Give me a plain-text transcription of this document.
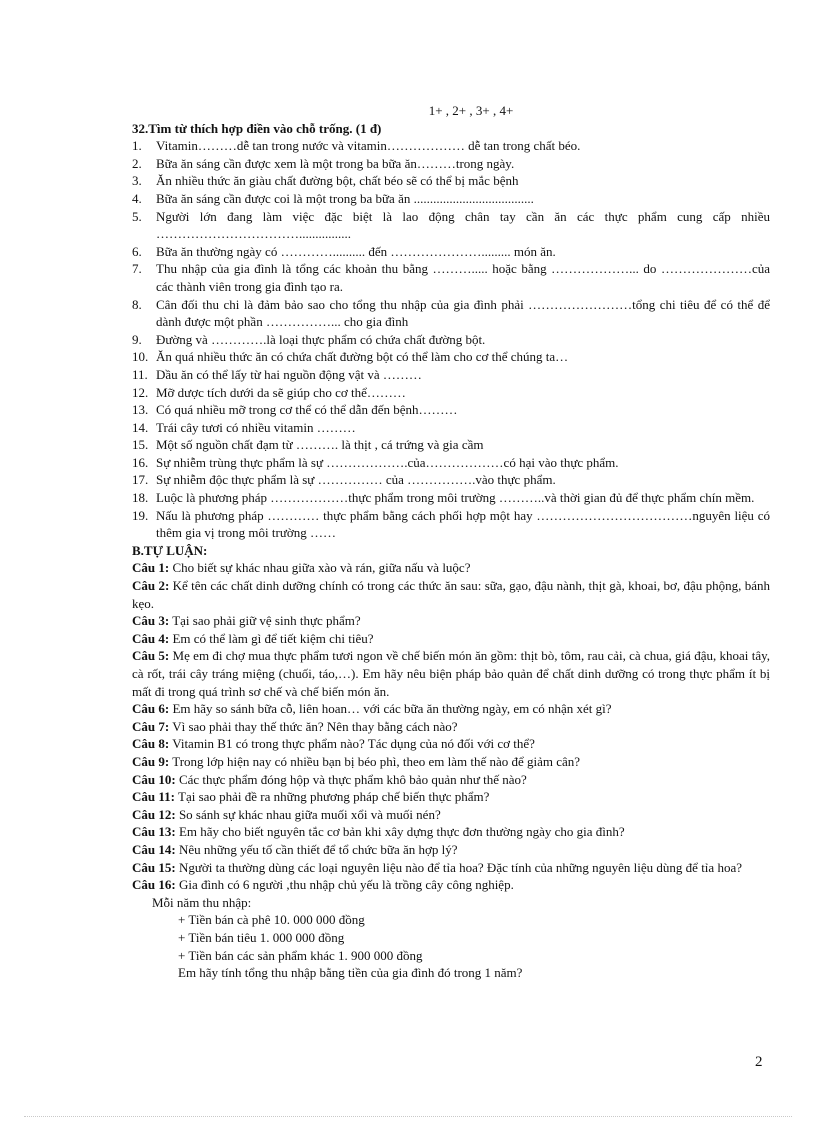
1+ , 2+ , 3+ , 4+
32.Tìm từ thích hợp điền vào chỗ trống. (1 đ)
1. Vitamin………dễ tan trong nước và vitamin……………… dễ tan trong chất béo.
2. Bữa ăn sáng cần được xem là một trong ba bữa ăn………trong ngày.
3. Ăn nhiều thức ăn giàu chất đường bột, chất béo sẽ có thể bị mắc bệnh
4. Bữa ăn sáng cần được coi là một trong ba bữa ăn .....................................
5. Người lớn đang làm việc đặc biệt là lao động chân tay cần ăn các thực phẩm cung cấp nhiều ……………………………................
6. Bữa ăn thường ngày có ………….......... đến …………………......... món ăn.
7. Thu nhập của gia đình là tổng các khoản thu bằng ………..... hoặc bằng ………………... do …………………của các thành viên trong gia đình tạo ra.
8. Cân đối thu chi là đảm bảo sao cho tổng thu nhập của gia đình phải ……………………tổng chi tiêu để có thể để dành được một phần ……………... cho gia đình
9. Đường và ………….là loại thực phẩm có chứa chất đường bột.
10. Ăn quá nhiều thức ăn có chứa chất đường bột có thể làm cho cơ thể chúng ta…
11. Dầu ăn có thể lấy từ hai nguồn động vật và ………
12. Mỡ dược tích dưới da sẽ giúp cho cơ thể………
13. Có quá nhiều mỡ trong cơ thể có thể dẫn đến bệnh………
14. Trái cây tươi có nhiều vitamin ………
15. Một số nguồn chất đạm từ ………. là thịt , cá trứng và gia cầm
16. Sự nhiễm trùng thực phẩm là sự ……………….của………………có hại vào thực phẩm.
17. Sự nhiễm độc thực phẩm là sự …………… của …………….vào thực phẩm.
18. Luộc là phương pháp ………………thực phẩm trong môi trường ………..và thời gian đủ để thực phẩm chín mềm.
19. Nấu là phương pháp ………… thực phẩm bằng cách phối hợp một hay ………………………………nguyên liệu có thêm gia vị trong môi trường ……
B.TỰ LUẬN:
Câu 1: Cho biết sự khác nhau giữa xào và rán, giữa nấu và luộc?
Câu 2: Kể tên các chất dinh dưỡng chính có trong các thức ăn sau: sữa, gạo, đậu nành, thịt gà, khoai, bơ, đậu phộng, bánh kẹo.
Câu 3: Tại sao phải giữ vệ sinh thực phẩm?
Câu 4: Em có thể làm gì để tiết kiệm chi tiêu?
Câu 5: Mẹ em đi chợ mua thực phẩm tươi ngon về chế biến món ăn gồm: thịt bò, tôm, rau cải, cà chua, giá đậu, khoai tây, cà rốt, trái cây tráng miệng (chuối, táo,…). Em hãy nêu biện pháp bảo quản để chất dinh dưỡng có trong thực phẩm ít bị mất đi trong quá trình sơ chế và chế biến món ăn.
Câu 6: Em hãy so sánh bữa cỗ, liên hoan… với các bữa ăn thường ngày, em có nhận xét gì?
Câu 7: Vì sao phải thay thế thức ăn? Nên thay bằng cách nào?
Câu 8: Vitamin B1 có trong thực phẩm nào? Tác dụng của nó đối với cơ thể?
Câu 9: Trong lớp hiện nay có nhiều bạn bị béo phì, theo em làm thế nào để giảm cân?
Câu 10: Các thực phẩm đóng hộp và thực phẩm khô bảo quản như thế nào?
Câu 11: Tại sao phải đề ra những phương pháp chế biến thực phẩm?
Câu 12: So sánh sự khác nhau giữa muối xổi và muối nén?
Câu 13: Em hãy cho biết nguyên tắc cơ bản khi xây dựng thực đơn thường ngày cho gia đình?
Câu 14: Nêu những yếu tố cần thiết để tổ chức bữa ăn hợp lý?
Câu 15: Người ta thường dùng các loại nguyên liệu nào để tỉa hoa? Đặc tính của những nguyên liệu dùng để tỉa hoa?
Câu 16: Gia đình có 6 người ,thu nhập chủ yếu là trồng cây công nghiệp.
Mỗi năm thu nhập:
+ Tiền bán cà phê 10. 000 000 đồng
+ Tiền bán tiêu 1. 000 000 đồng
+ Tiền bán các sản phẩm khác 1. 900 000 đồng
Em hãy tính tổng thu nhập bằng tiền của gia đình đó trong 1 năm?
2
